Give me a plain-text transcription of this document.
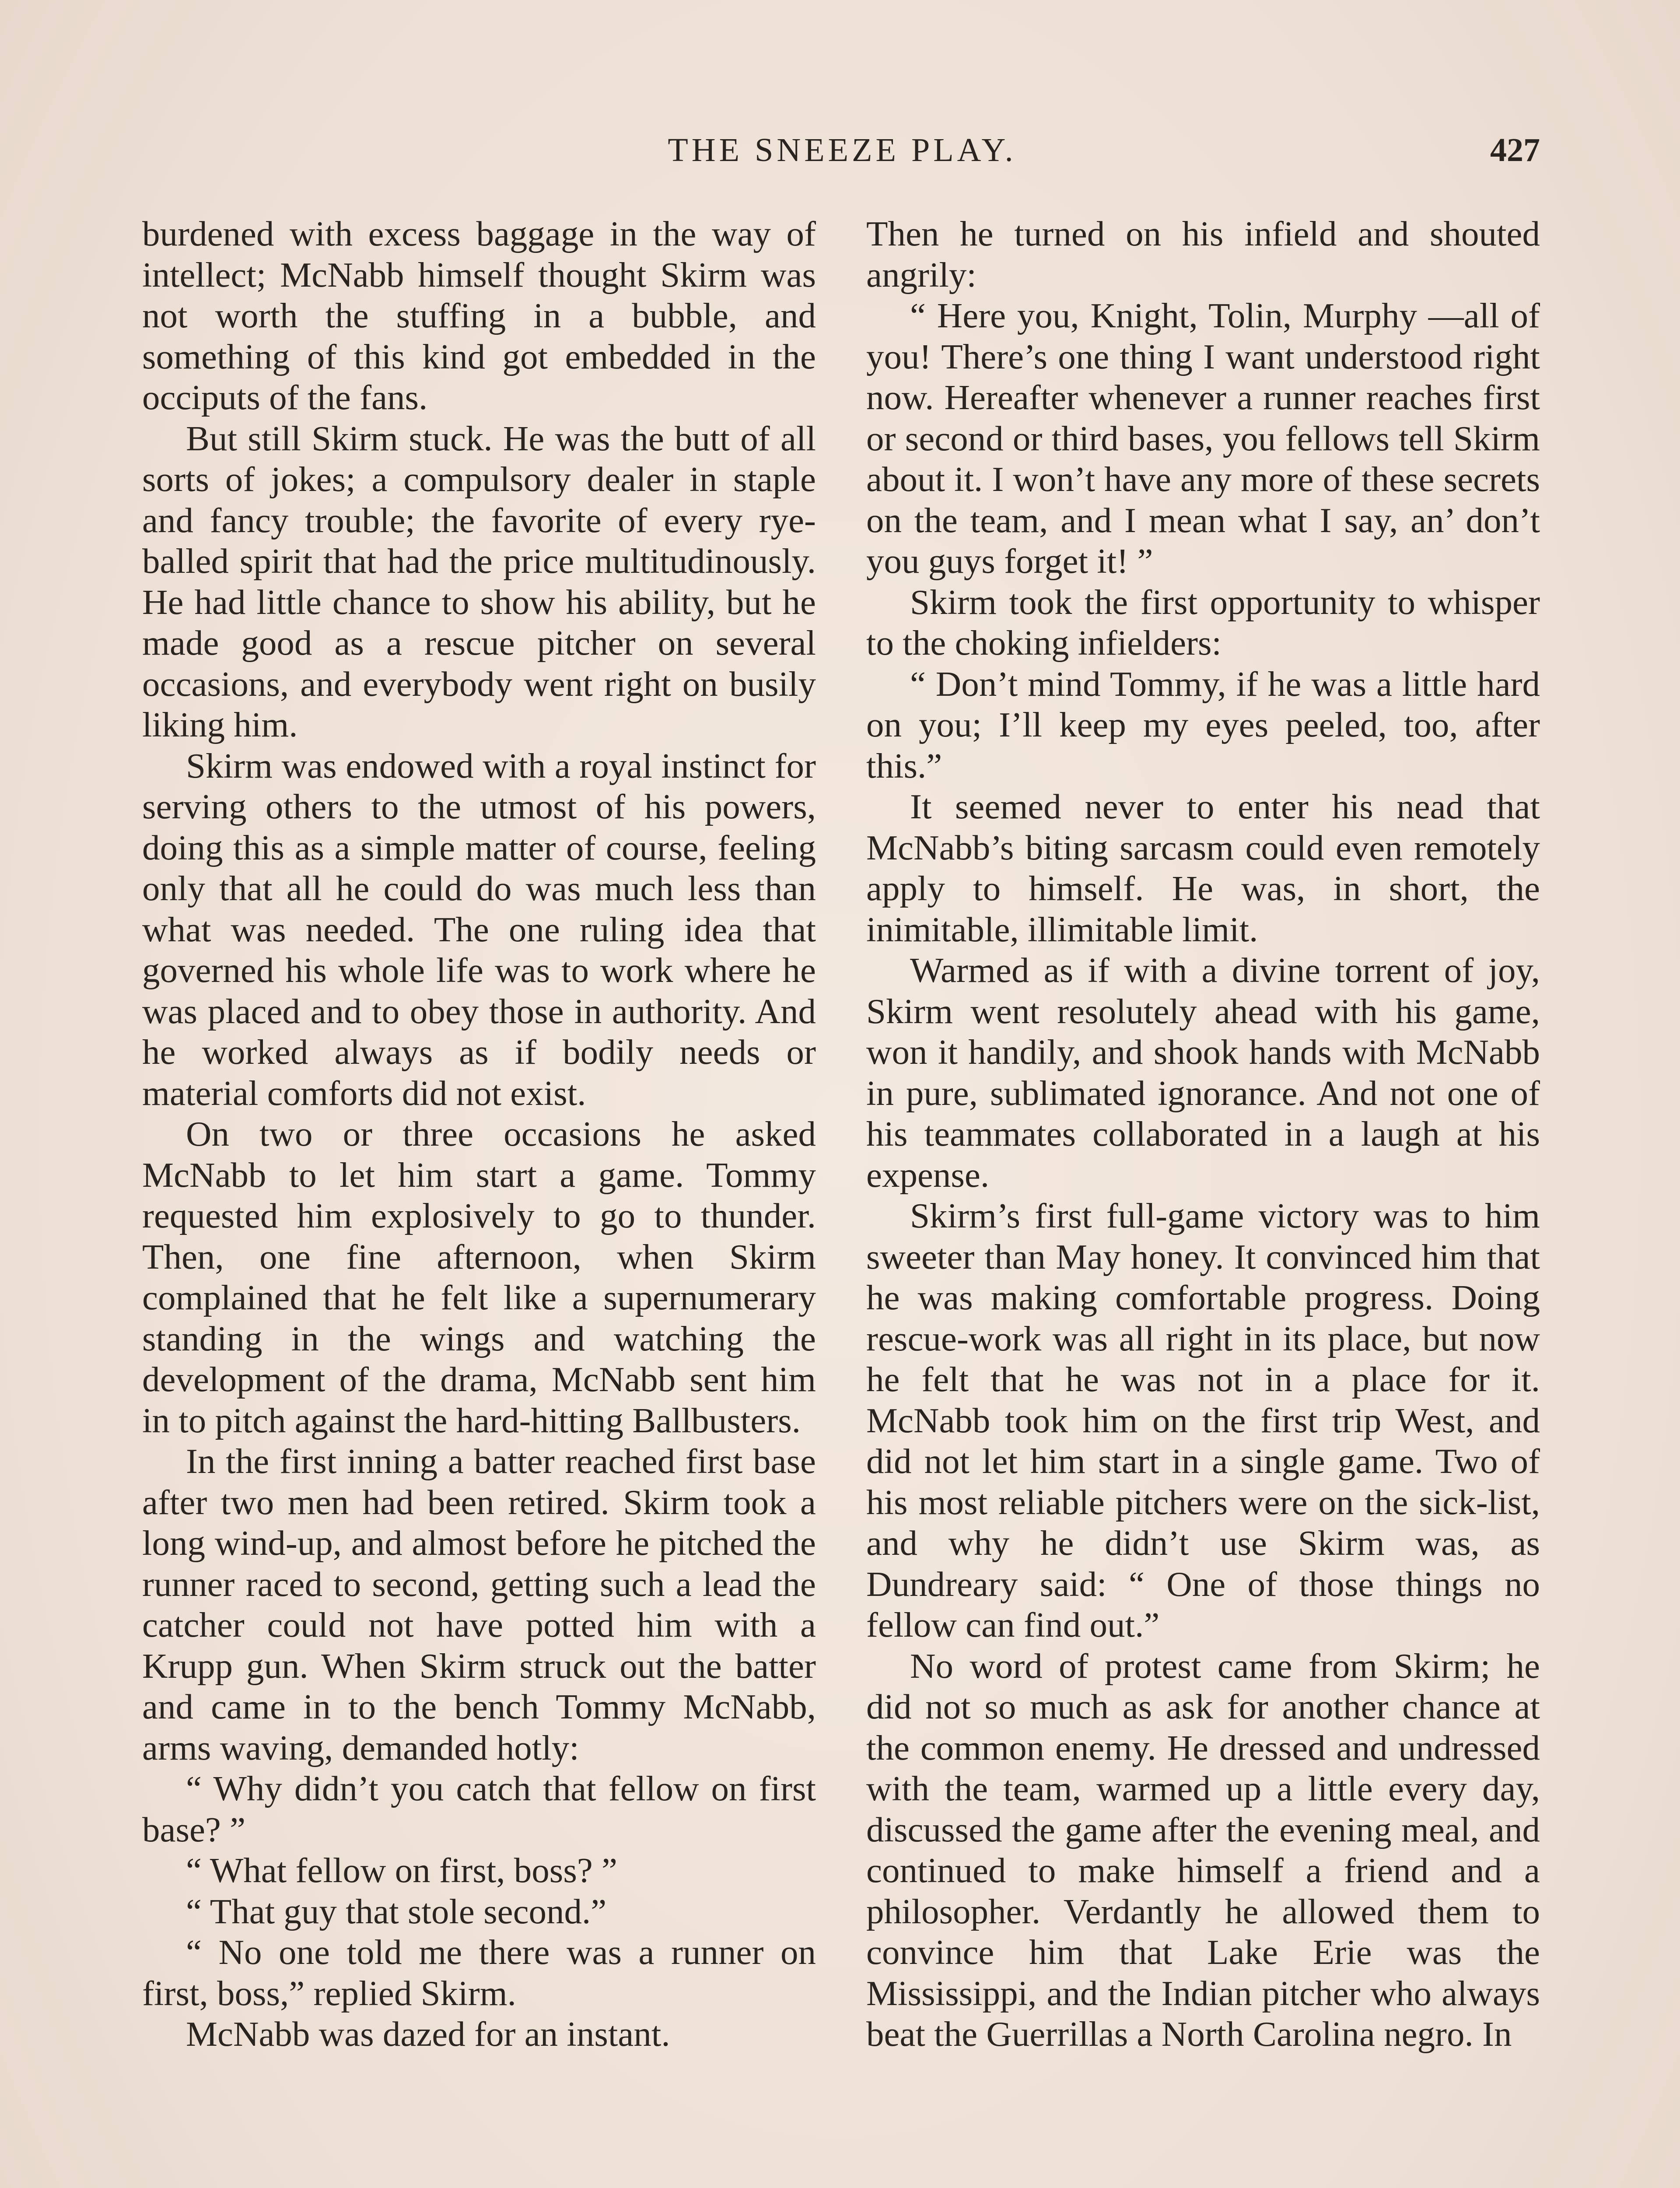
THE SNEEZE PLAY.	427

burdened with excess baggage in the way of intellect; McNabb himself thought Skirm was not worth the stuffing in a bubble, and something of this kind got embedded in the occiputs of the fans.

But still Skirm stuck. He was the butt of all sorts of jokes; a compulsory dealer in staple and fancy trouble; the favorite of every rye-balled spirit that had the price multitudinously. He had little chance to show his ability, but he made good as a rescue pitcher on several occasions, and everybody went right on busily liking him.

Skirm was endowed with a royal instinct for serving others to the utmost of his powers, doing this as a simple matter of course, feeling only that all he could do was much less than what was needed. The one ruling idea that governed his whole life was to work where he was placed and to obey those in authority. And he worked always as if bodily needs or material comforts did not exist.

On two or three occasions he asked McNabb to let him start a game. Tommy requested him explosively to go to thunder. Then, one fine afternoon, when Skirm complained that he felt like a supernumerary standing in the wings and watching the development of the drama, McNabb sent him in to pitch against the hard-hitting Ballbusters.

In the first inning a batter reached first base after two men had been retired. Skirm took a long wind-up, and almost before he pitched the runner raced to second, getting such a lead the catcher could not have potted him with a Krupp gun. When Skirm struck out the batter and came in to the bench Tommy McNabb, arms waving, demanded hotly:

“ Why didn’t you catch that fellow on first base? ”

“ What fellow on first, boss? ”

“ That guy that stole second.”

“ No one told me there was a runner on first, boss,” replied Skirm.

McNabb was dazed for an instant.

Then he turned on his infield and shouted angrily:

“ Here you, Knight, Tolin, Murphy —all of you! There’s one thing I want understood right now. Hereafter whenever a runner reaches first or second or third bases, you fellows tell Skirm about it. I won’t have any more of these secrets on the team, and I mean what I say, an’ don’t you guys forget it! ”

Skirm took the first opportunity to whisper to the choking infielders:

“ Don’t mind Tommy, if he was a little hard on you; I’ll keep my eyes peeled, too, after this.”

It seemed never to enter his nead that McNabb’s biting sarcasm could even remotely apply to himself. He was, in short, the inimitable, illimitable limit.

Warmed as if with a divine torrent of joy, Skirm went resolutely ahead with his game, won it handily, and shook hands with McNabb in pure, sublimated ignorance. And not one of his teammates collaborated in a laugh at his expense.

Skirm’s first full-game victory was to him sweeter than May honey. It convinced him that he was making comfortable progress. Doing rescue-work was all right in its place, but now he felt that he was not in a place for it. McNabb took him on the first trip West, and did not let him start in a single game. Two of his most reliable pitchers were on the sick-list, and why he didn’t use Skirm was, as Dundreary said: “ One of those things no fellow can find out.”

No word of protest came from Skirm; he did not so much as ask for another chance at the common enemy. He dressed and undressed with the team, warmed up a little every day, discussed the game after the evening meal, and continued to make himself a friend and a philosopher. Verdantly he allowed them to convince him that Lake Erie was the Mississippi, and the Indian pitcher who always beat the Guerrillas a North Carolina negro. In
